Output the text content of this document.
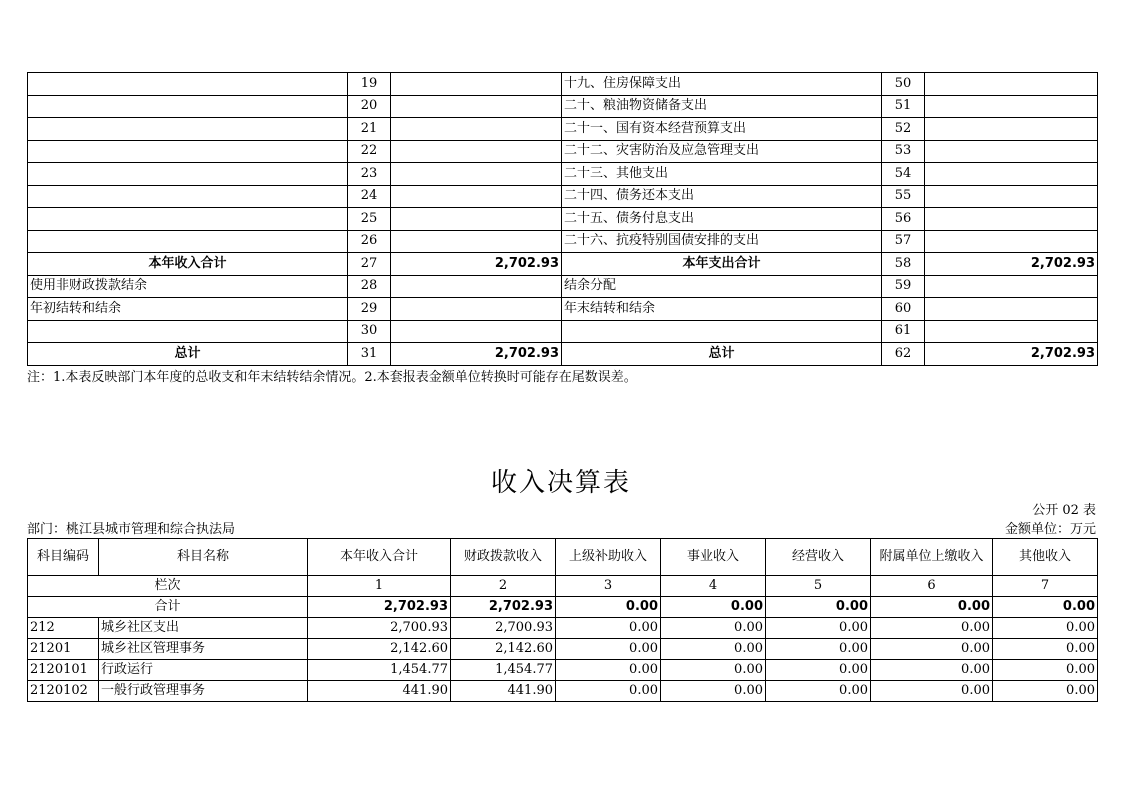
	19		十九、住房保障支出	50	
	20		二十、粮油物资储备支出	51	
	21		二十一、国有资本经营预算支出	52	
	22		二十二、灾害防治及应急管理支出	53	
	23		二十三、其他支出	54	
	24		二十四、债务还本支出	55	
	25		二十五、债务付息支出	56	
	26		二十六、抗疫特别国债安排的支出	57	
本年收入合计	27	2,702.93	本年支出合计	58	2,702.93
使用非财政拨款结余	28		结余分配	59	
年初结转和结余	29		年末结转和结余	60	
	30			61	
总计	31	2,702.93	总计	62	2,702.93
注：1.本表反映部门本年度的总收支和年末结转结余情况。2.本套报表金额单位转换时可能存在尾数误差。
收入决算表
公开 02 表
部门：桃江县城市管理和综合执法局	金额单位：万元
科目编码	科目名称	本年收入合计	财政拨款收入	上级补助收入	事业收入	经营收入	附属单位上缴收入	其他收入
栏次		1	2	3	4	5	6	7
合计		2,702.93	2,702.93	0.00	0.00	0.00	0.00	0.00
212	城乡社区支出	2,700.93	2,700.93	0.00	0.00	0.00	0.00	0.00
21201	城乡社区管理事务	2,142.60	2,142.60	0.00	0.00	0.00	0.00	0.00
2120101	行政运行	1,454.77	1,454.77	0.00	0.00	0.00	0.00	0.00
2120102	一般行政管理事务	441.90	441.90	0.00	0.00	0.00	0.00	0.00
